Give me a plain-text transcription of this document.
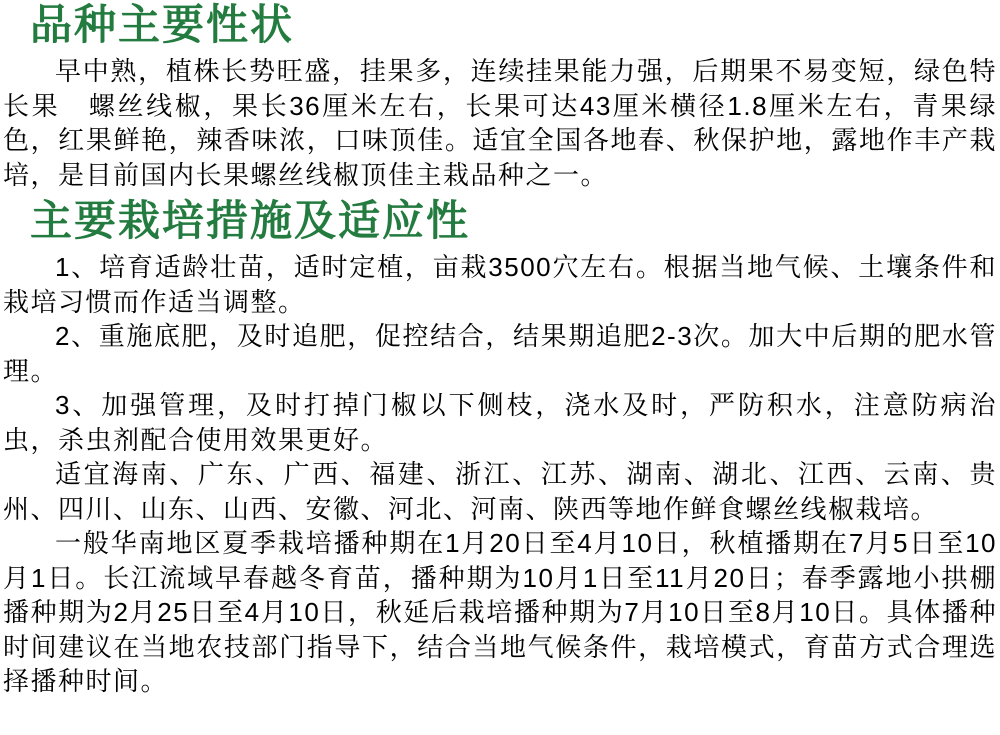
品种主要性状

早中熟，植株长势旺盛，挂果多，连续挂果能力强，后期果不易变短，绿色特长果　螺丝线椒，果长36厘米左右，长果可达43厘米横径1.8厘米左右，青果绿色，红果鲜艳，辣香味浓，口味顶佳。适宜全国各地春、秋保护地，露地作丰产栽培，是目前国内长果螺丝线椒顶佳主栽品种之一。

主要栽培措施及适应性

1、培育适龄壮苗，适时定植，亩栽3500穴左右。根据当地气候、土壤条件和栽培习惯而作适当调整。

2、重施底肥，及时追肥，促控结合，结果期追肥2-3次。加大中后期的肥水管理。

3、加强管理，及时打掉门椒以下侧枝，浇水及时，严防积水，注意防病治虫，杀虫剂配合使用效果更好。

适宜海南、广东、广西、福建、浙江、江苏、湖南、湖北、江西、云南、贵州、四川、山东、山西、安徽、河北、河南、陕西等地作鲜食螺丝线椒栽培。

一般华南地区夏季栽培播种期在1月20日至4月10日，秋植播期在7月5日至10月1日。长江流域早春越冬育苗，播种期为10月1日至11月20日；春季露地小拱棚播种期为2月25日至4月10日，秋延后栽培播种期为7月10日至8月10日。具体播种时间建议在当地农技部门指导下，结合当地气候条件，栽培模式，育苗方式合理选择播种时间。
